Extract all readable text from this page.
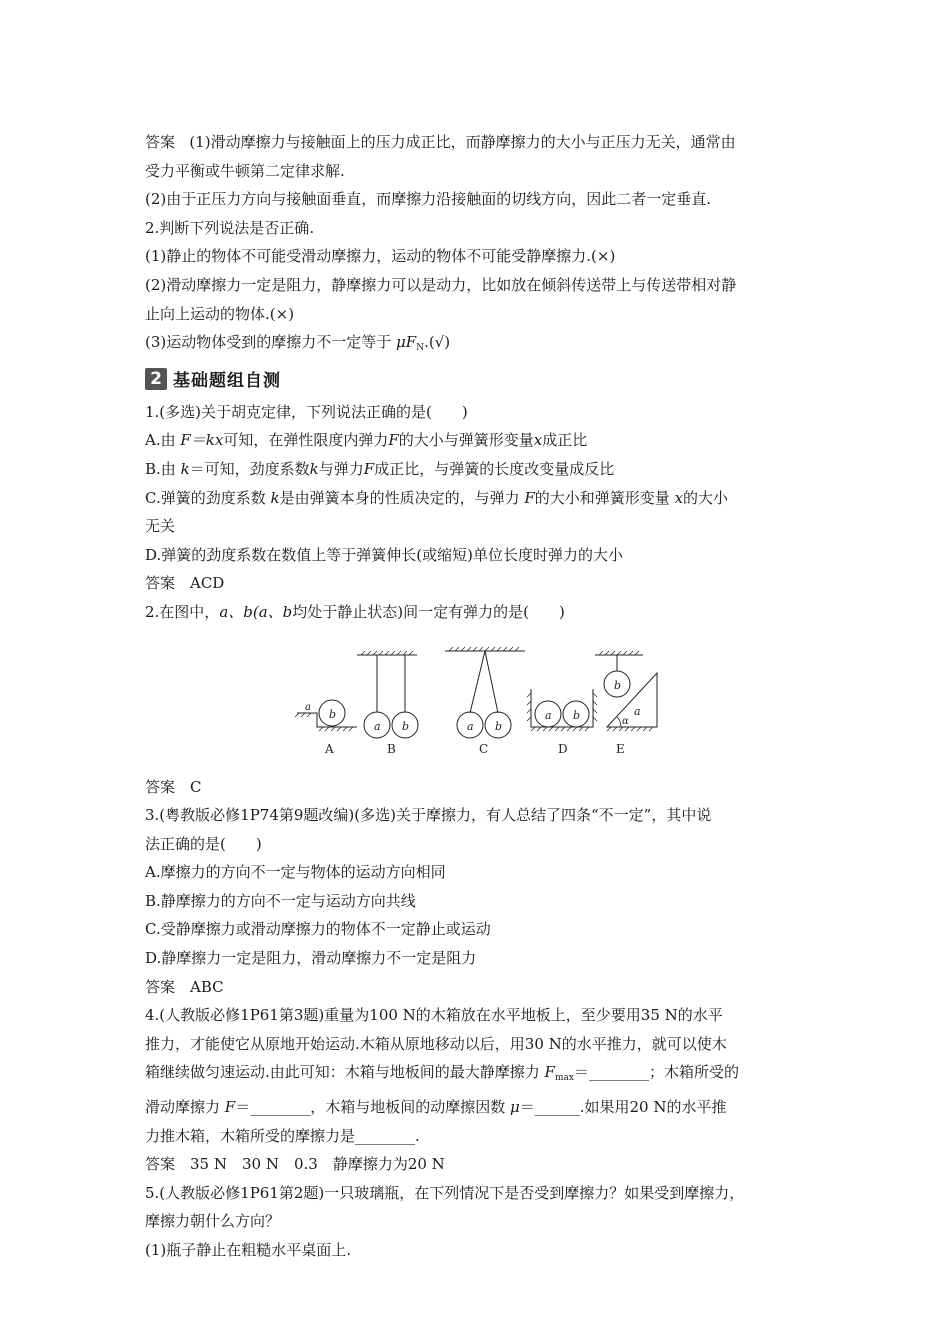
答案 (1)滑动摩擦力与接触面上的压力成正比，而静摩擦力的大小与正压力无关，通常由
受力平衡或牛顿第二定律求解.
(2)由于正压力方向与接触面垂直，而摩擦力沿接触面的切线方向，因此二者一定垂直.
2.判断下列说法是否正确.
(1)静止的物体不可能受滑动摩擦力，运动的物体不可能受静摩擦力.(×)
(2)滑动摩擦力一定是阻力，静摩擦力可以是动力，比如放在倾斜传送带上与传送带相对静
止向上运动的物体.(×)
(3)运动物体受到的摩擦力不一定等于 $\mu F_N.(√)$
2 基础题组自测
1.(多选)关于胡克定律，下列说法正确的是(　　)
A.由 F＝kx可知，在弹性限度内弹力F的大小与弹簧形变量x成正比
B.由 k＝可知，劲度系数k与弹力F成正比，与弹簧的长度改变量成反比
C.弹簧的劲度系数 k是由弹簧本身的性质决定的，与弹力 F的大小和弹簧形变量 x的大小
无关
D.弹簧的劲度系数在数值上等于弹簧伸长(或缩短)单位长度时弹力的大小
答案　ACD
2.在图中，a、b(a、b均处于静止状态)间一定有弹力的是(　　)
b
a
A
a b
B
a b
C
a b
D
b
α
a
E
答案　C
3.(粤教版必修1P74第9题改编)(多选)关于摩擦力，有人总结了四条“不一定”，其中说
法正确的是(　　)
A.摩擦力的方向不一定与物体的运动方向相同
B.静摩擦力的方向不一定与运动方向共线
C.受静摩擦力或滑动摩擦力的物体不一定静止或运动
D.静摩擦力一定是阻力，滑动摩擦力不一定是阻力
答案　ABC
4.(人教版必修1P61第3题)重量为100 N的木箱放在水平地板上，至少要用35 N的水平
推力，才能使它从原地开始运动.木箱从原地移动以后，用30 N的水平推力，就可以使木
箱继续做匀速运动.由此可知：木箱与地板间的最大静摩擦力 $F_{max}=\_\_\_\_\_\_\_\_$；木箱所受的
滑动摩擦力 F＝________，木箱与地板间的动摩擦因数 μ＝______.如果用20 N的水平推
力推木箱，木箱所受的摩擦力是________.
答案　35 N　30 N　0.3　静摩擦力为20 N
5.(人教版必修1P61第2题)一只玻璃瓶，在下列情况下是否受到摩擦力？如果受到摩擦力，
摩擦力朝什么方向？
(1)瓶子静止在粗糙水平桌面上.
